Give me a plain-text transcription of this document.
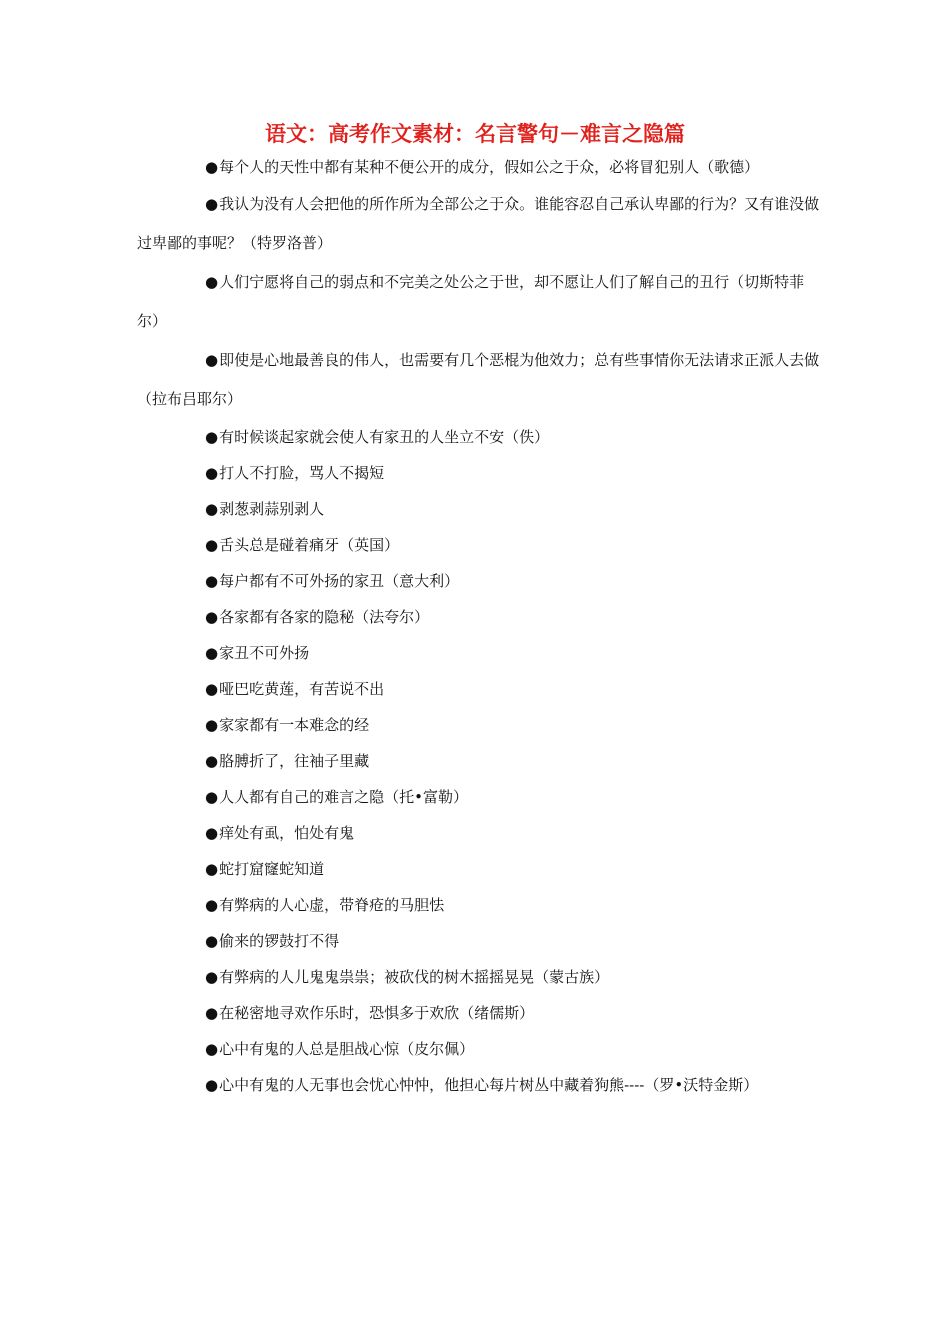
语文：高考作文素材：名言警句－难言之隐篇
●每个人的天性中都有某种不便公开的成分，假如公之于众，必将冒犯别人（歌德）
●我认为没有人会把他的所作所为全部公之于众。谁能容忍自己承认卑鄙的行为？又有谁没做过卑鄙的事呢？（特罗洛普）
●人们宁愿将自己的弱点和不完美之处公之于世，却不愿让人们了解自己的丑行（切斯特菲尔）
●即使是心地最善良的伟人，也需要有几个恶棍为他效力；总有些事情你无法请求正派人去做（拉布吕耶尔）
●有时候谈起家就会使人有家丑的人坐立不安（佚）
●打人不打脸，骂人不揭短
●剥葱剥蒜别剥人
●舌头总是碰着痛牙（英国）
●每户都有不可外扬的家丑（意大利）
●各家都有各家的隐秘（法夸尔）
●家丑不可外扬
●哑巴吃黄莲，有苦说不出
●家家都有一本难念的经
●胳膊折了，往袖子里藏
●人人都有自己的难言之隐（托•富勒）
●痒处有虱，怕处有鬼
●蛇打窟窿蛇知道
●有弊病的人心虚，带脊疮的马胆怯
●偷来的锣鼓打不得
●有弊病的人儿鬼鬼祟祟；被砍伐的树木摇摇晃晃（蒙古族）
●在秘密地寻欢作乐时，恐惧多于欢欣（绪儒斯）
●心中有鬼的人总是胆战心惊（皮尔佩）
●心中有鬼的人无事也会忧心忡忡，他担心每片树丛中藏着狗熊----（罗•沃特金斯）
